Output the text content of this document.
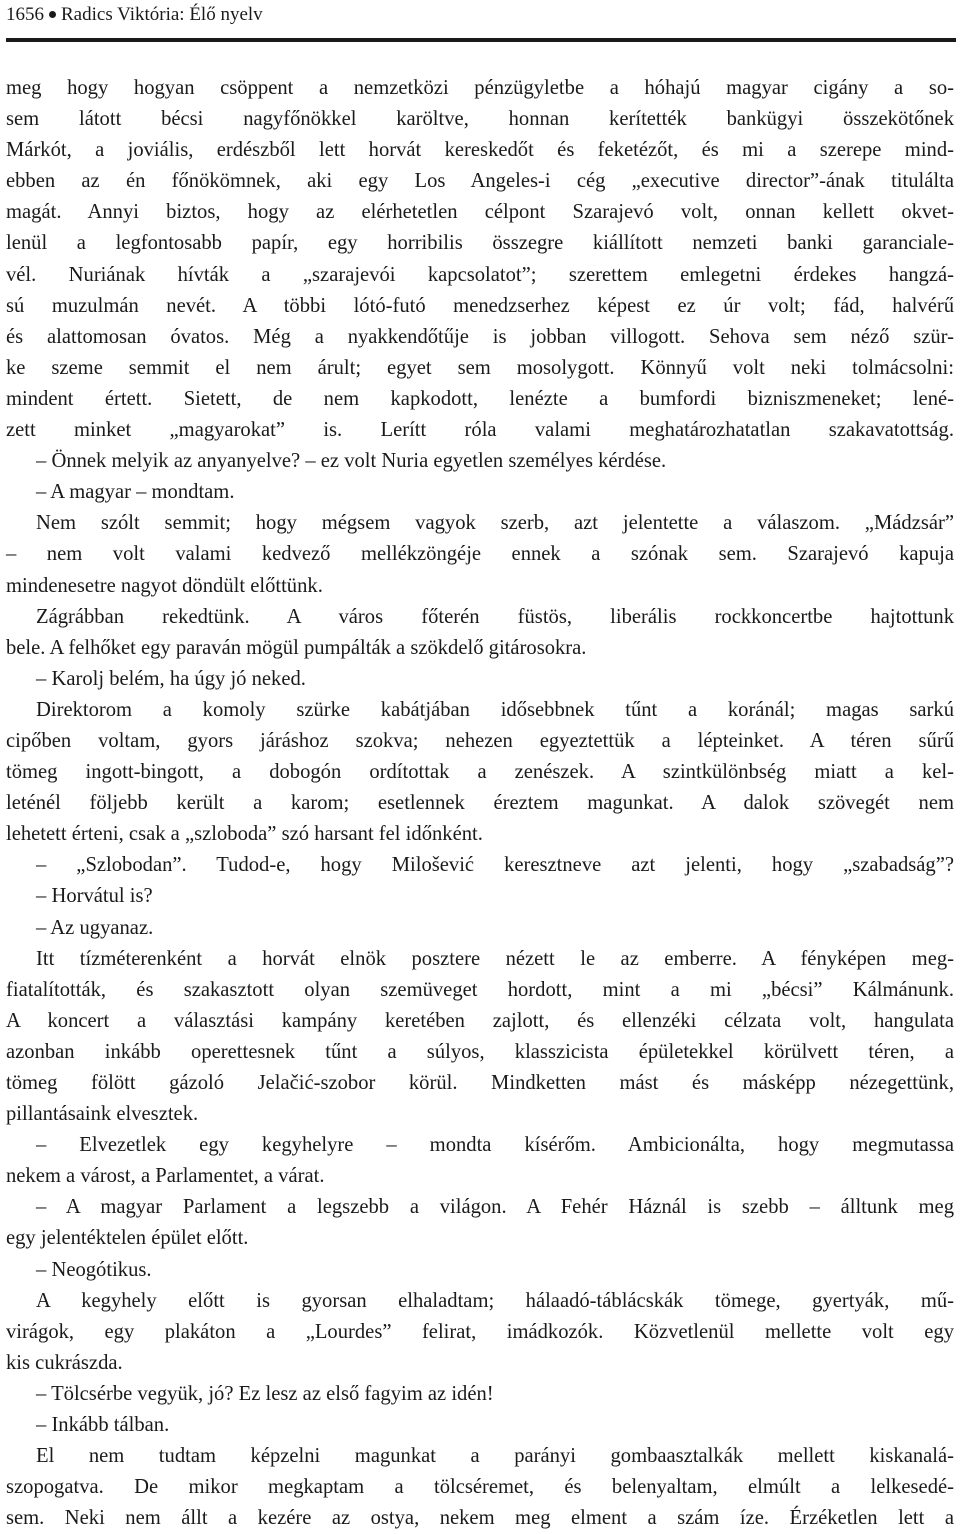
1656 Radics Viktória: Élő nyelv
meg hogy hogyan csöppent a nemzetközi pénzügyletbe a hóhajú magyar cigány a so-
sem látott bécsi nagyfőnökkel karöltve, honnan kerítették bankügyi összekötőnek
Márkót, a joviális, erdészből lett horvát kereskedőt és feketézőt, és mi a szerepe mind-
ebben az én főnökömnek, aki egy Los Angeles-i cég „executive director”-ának titulálta
magát. Annyi biztos, hogy az elérhetetlen célpont Szarajevó volt, onnan kellett okvet-
lenül a legfontosabb papír, egy horribilis összegre kiállított nemzeti banki garanciale-
vél. Nuriának hívták a „szarajevói kapcsolatot”; szerettem emlegetni érdekes hangzá-
sú muzulmán nevét. A többi lótó-futó menedzserhez képest ez úr volt; fád, halvérű
és alattomosan óvatos. Még a nyakkendőtűje is jobban villogott. Sehova sem néző szür-
ke szeme semmit el nem árult; egyet sem mosolygott. Könnyű volt neki tolmácsolni:
mindent értett. Sietett, de nem kapkodott, lenézte a bumfordi bizniszmeneket; lené-
zett minket „magyarokat” is. Lerítt róla valami meghatározhatatlan szakavatottság.
– Önnek melyik az anyanyelve? – ez volt Nuria egyetlen személyes kérdése.
– A magyar – mondtam.
Nem szólt semmit; hogy mégsem vagyok szerb, azt jelentette a válaszom. „Mádzsár”
– nem volt valami kedvező mellékzöngéje ennek a szónak sem. Szarajevó kapuja
mindenesetre nagyot döndült előttünk.
Zágrábban rekedtünk. A város főterén füstös, liberális rockkoncertbe hajtottunk
bele. A felhőket egy paraván mögül pumpálták a szökdelő gitárosokra.
– Karolj belém, ha úgy jó neked.
Direktorom a komoly szürke kabátjában idősebbnek tűnt a koránál; magas sarkú
cipőben voltam, gyors járáshoz szokva; nehezen egyeztettük a lépteinket. A téren sűrű
tömeg ingott-bingott, a dobogón ordítottak a zenészek. A szintkülönbség miatt a kel-
leténél följebb került a karom; esetlennek éreztem magunkat. A dalok szövegét nem
lehetett érteni, csak a „szloboda” szó harsant fel időnként.
– „Szlobodan”. Tudod-e, hogy Milošević keresztneve azt jelenti, hogy „szabadság”?
– Horvátul is?
– Az ugyanaz.
Itt tízméterenként a horvát elnök posztere nézett le az emberre. A fényképen meg-
fiatalították, és szakasztott olyan szemüveget hordott, mint a mi „bécsi” Kálmánunk.
A koncert a választási kampány keretében zajlott, és ellenzéki célzata volt, hangulata
azonban inkább operettesnek tűnt a súlyos, klasszicista épületekkel körülvett téren, a
tömeg fölött gázoló Jelačić-szobor körül. Mindketten mást és másképp nézegettünk,
pillantásaink elvesztek.
– Elvezetlek egy kegyhelyre – mondta kísérőm. Ambicionálta, hogy megmutassa
nekem a várost, a Parlamentet, a várat.
– A magyar Parlament a legszebb a világon. A Fehér Háznál is szebb – álltunk meg
egy jelentéktelen épület előtt.
– Neogótikus.
A kegyhely előtt is gyorsan elhaladtam; hálaadó-táblácskák tömege, gyertyák, mű-
virágok, egy plakáton a „Lourdes” felirat, imádkozók. Közvetlenül mellette volt egy
kis cukrászda.
– Tölcsérbe vegyük, jó? Ez lesz az első fagyim az idén!
– Inkább tálban.
El nem tudtam képzelni magunkat a parányi gombaasztalkák mellett kiskanalá-
szopogatva. De mikor megkaptam a tölcséremet, és belenyaltam, elmúlt a lelkesedé-
sem. Neki nem állt a kezére az ostya, nekem meg elment a szám íze. Érzéketlen lett a
